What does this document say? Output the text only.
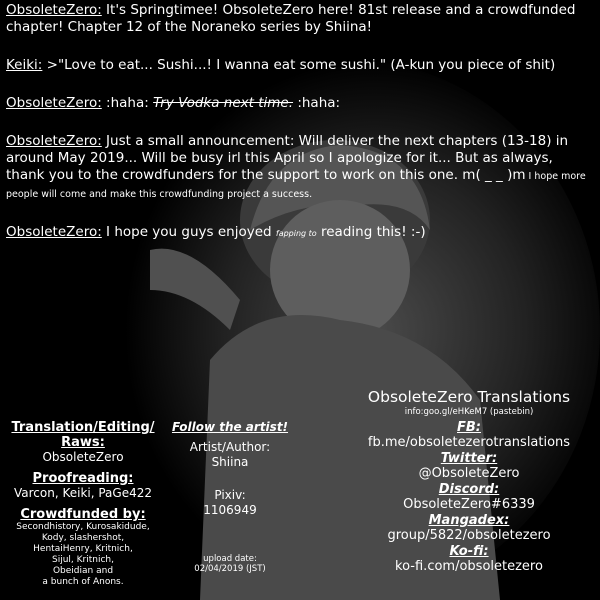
ObsoleteZero: It's Springtimee! ObsoleteZero here! 81st release and a crowdfunded chapter! Chapter 12 of the Noraneko series by Shiina!
Keiki: >"Love to eat... Sushi...! I wanna eat some sushi." (A-kun you piece of shit)
ObsoleteZero: :haha: Try Vodka next time. :haha:
ObsoleteZero: Just a small announcement: Will deliver the next chapters (13-18) in around May 2019... Will be busy irl this April so I apologize for it... But as always, thank you to the crowdfunders for the support to work on this one. m( _ _ )m I hope more people will come and make this crowdfunding project a success.
ObsoleteZero: I hope you guys enjoyed fapping to reading this! :-)
Translation/Editing/
Raws:
ObsoleteZero
Proofreading:
Varcon, Keiki, PaGe422
Crowdfunded by:
Secondhistory, Kurosakidude,
Kody, slashershot,
HentaiHenry, Kritnich,
Sijul, Kritnich,
Obeidian and
a bunch of Anons.
Follow the artist!
Artist/Author:
Shiina
Pixiv:
1106949
upload date:
02/04/2019 (JST)
ObsoleteZero Translations
info:goo.gl/eHKeM7 (pastebin)
FB:
fb.me/obsoletezerotranslations
Twitter:
@ObsoleteZero
Discord:
ObsoleteZero#6339
Mangadex:
group/5822/obsoletezero
Ko-fi:
ko-fi.com/obsoletezero
